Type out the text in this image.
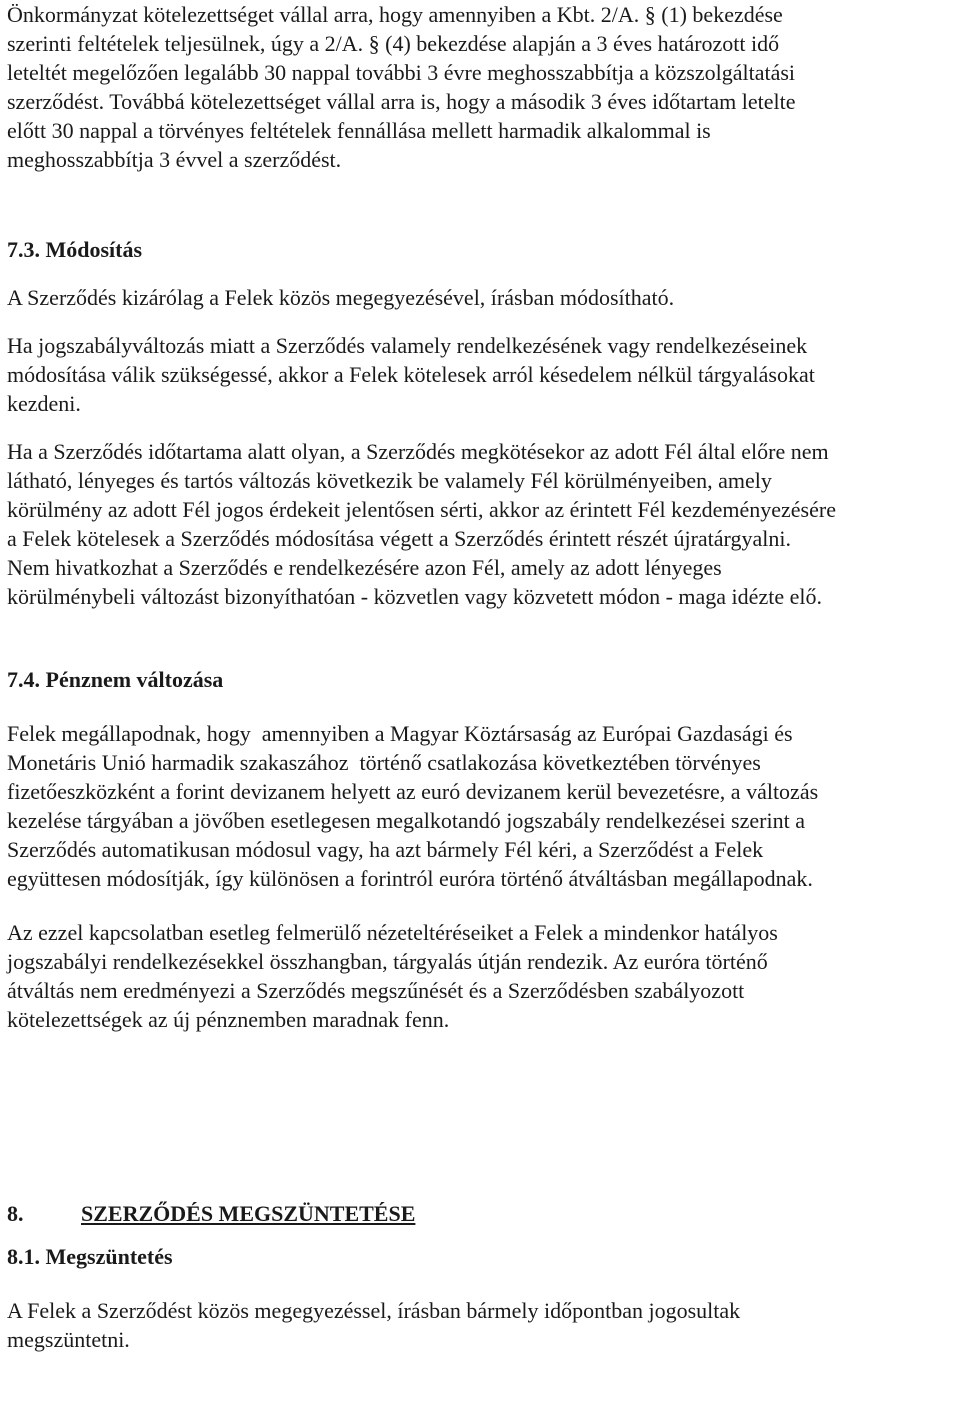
Önkormányzat kötelezettséget vállal arra, hogy amennyiben a Kbt. 2/A. § (1) bekezdése
szerinti feltételek teljesülnek, úgy a 2/A. § (4) bekezdése alapján a 3 éves határozott idő
leteltét megelőzően legalább 30 nappal további 3 évre meghosszabbítja a közszolgáltatási
szerződést. Továbbá kötelezettséget vállal arra is, hogy a második 3 éves időtartam letelte
előtt 30 nappal a törvényes feltételek fennállása mellett harmadik alkalommal is
meghosszabbítja 3 évvel a szerződést.

7.3. Módosítás

A Szerződés kizárólag a Felek közös megegyezésével, írásban módosítható.

Ha jogszabályváltozás miatt a Szerződés valamely rendelkezésének vagy rendelkezéseinek
módosítása válik szükségessé, akkor a Felek kötelesek arról késedelem nélkül tárgyalásokat
kezdeni.

Ha a Szerződés időtartama alatt olyan, a Szerződés megkötésekor az adott Fél által előre nem
látható, lényeges és tartós változás következik be valamely Fél körülményeiben, amely
körülmény az adott Fél jogos érdekeit jelentősen sérti, akkor az érintett Fél kezdeményezésére
a Felek kötelesek a Szerződés módosítása végett a Szerződés érintett részét újratárgyalni.
Nem hivatkozhat a Szerződés e rendelkezésére azon Fél, amely az adott lényeges
körülménybeli változást bizonyíthatóan - közvetlen vagy közvetett módon - maga idézte elő.

7.4. Pénznem változása

Felek megállapodnak, hogy  amennyiben a Magyar Köztársaság az Európai Gazdasági és
Monetáris Unió harmadik szakaszához  történő csatlakozása következtében törvényes
fizetőeszközként a forint devizanem helyett az euró devizanem kerül bevezetésre, a változás
kezelése tárgyában a jövőben esetlegesen megalkotandó jogszabály rendelkezései szerint a
Szerződés automatikusan módosul vagy, ha azt bármely Fél kéri, a Szerződést a Felek
együttesen módosítják, így különösen a forintról euróra történő átváltásban megállapodnak.

Az ezzel kapcsolatban esetleg felmerülő nézeteltéréseiket a Felek a mindenkor hatályos
jogszabályi rendelkezésekkel összhangban, tárgyalás útján rendezik. Az euróra történő
átváltás nem eredményezi a Szerződés megszűnését és a Szerződésben szabályozott
kötelezettségek az új pénznemben maradnak fenn.

8.	SZERZŐDÉS MEGSZÜNTETÉSE

8.1. Megszüntetés

A Felek a Szerződést közös megegyezéssel, írásban bármely időpontban jogosultak
megszüntetni.
